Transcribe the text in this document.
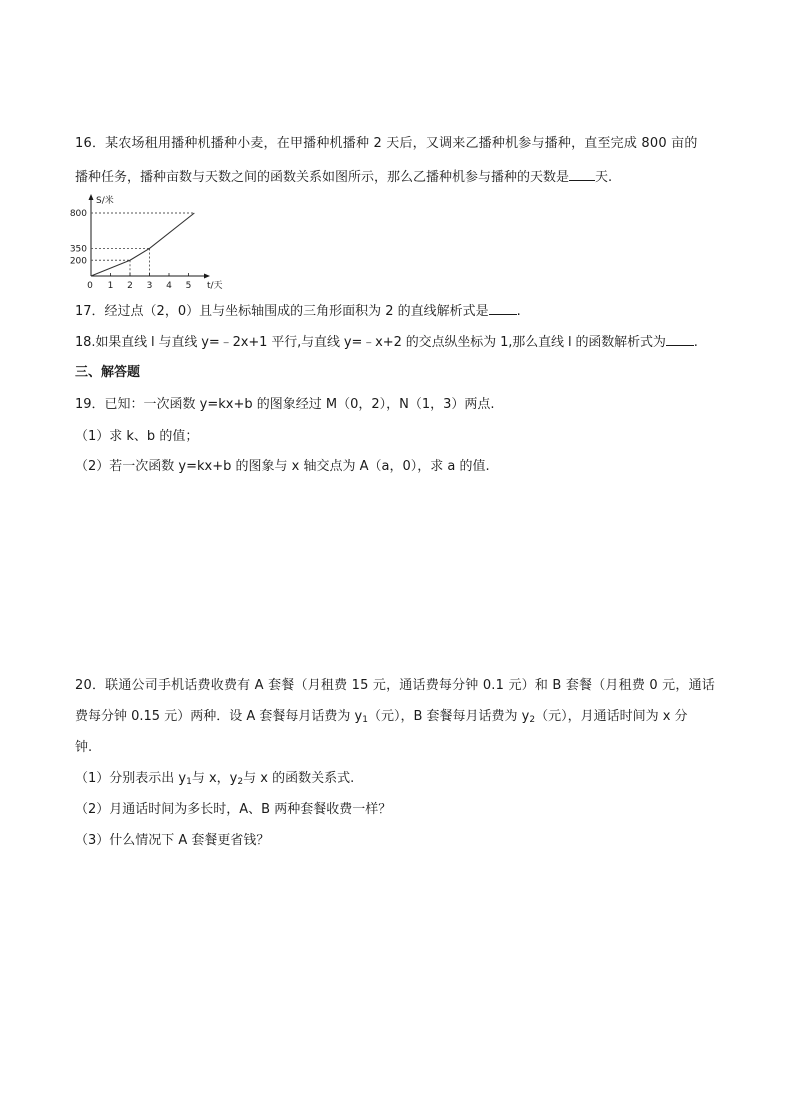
16．某农场租用播种机播种小麦，在甲播种机播种 2 天后，又调来乙播种机参与播种，直至完成 800 亩的
播种任务，播种亩数与天数之间的函数关系如图所示，那么乙播种机参与播种的天数是 天.
S/米
t/天
200
350
800
0 1 2 3 4 5
17．经过点（2，0）且与坐标轴围成的三角形面积为 2 的直线解析式是 .
18.如果直线 l 与直线 y=﹣2x+1 平行,与直线 y=﹣x+2 的交点纵坐标为 1,那么直线 l 的函数解析式为 .
三、解答题
19．已知：一次函数 y=kx+b 的图象经过 M（0，2），N（1，3）两点.
（1）求 k、b 的值；
（2）若一次函数 y=kx+b 的图象与 x 轴交点为 A（a，0），求 a 的值.
20．联通公司手机话费收费有 A 套餐（月租费 15 元，通话费每分钟 0.1 元）和 B 套餐（月租费 0 元，通话
费每分钟 0.15 元）两种．设 A 套餐每月话费为 $y_1$（元），B 套餐每月话费为 $y_2$（元），月通话时间为 x 分
钟.
（1）分别表示出 $y_1$与 x，$y_2$与 x 的函数关系式.
（2）月通话时间为多长时，A、B 两种套餐收费一样？
（3）什么情况下 A 套餐更省钱？
